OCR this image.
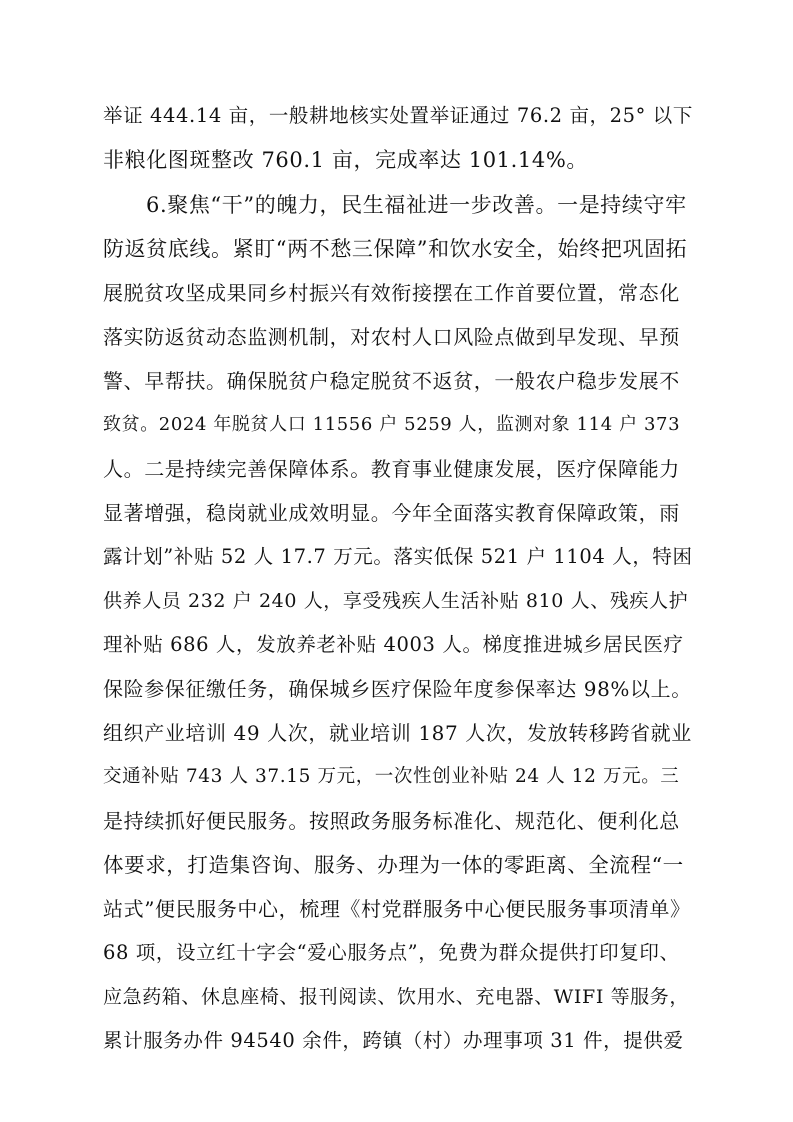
举证 444.14 亩，一般耕地核实处置举证通过 76.2 亩，25° 以下
非粮化图斑整改 760.1 亩，完成率达 101.14%。
6.聚焦“干”的魄力，民生福祉进一步改善。一是持续守牢
防返贫底线。紧盯“两不愁三保障”和饮水安全，始终把巩固拓
展脱贫攻坚成果同乡村振兴有效衔接摆在工作首要位置，常态化
落实防返贫动态监测机制，对农村人口风险点做到早发现、早预
警、早帮扶。确保脱贫户稳定脱贫不返贫，一般农户稳步发展不
致贫。2024 年脱贫人口 11556 户 5259 人，监测对象 114 户 373
人。二是持续完善保障体系。教育事业健康发展，医疗保障能力
显著增强，稳岗就业成效明显。今年全面落实教育保障政策，雨
露计划”补贴 52 人 17.7 万元。落实低保 521 户 1104 人，特困
供养人员 232 户 240 人，享受残疾人生活补贴 810 人、残疾人护
理补贴 686 人，发放养老补贴 4003 人。梯度推进城乡居民医疗
保险参保征缴任务，确保城乡医疗保险年度参保率达 98%以上。
组织产业培训 49 人次，就业培训 187 人次，发放转移跨省就业
交通补贴 743 人 37.15 万元，一次性创业补贴 24 人 12 万元。三
是持续抓好便民服务。按照政务服务标准化、规范化、便利化总
体要求，打造集咨询、服务、办理为一体的零距离、全流程“一
站式”便民服务中心，梳理《村党群服务中心便民服务事项清单》
68 项，设立红十字会“爱心服务点”，免费为群众提供打印复印、
应急药箱、休息座椅、报刊阅读、饮用水、充电器、WIFI 等服务，
累计服务办件 94540 余件，跨镇（村）办理事项 31 件，提供爱
